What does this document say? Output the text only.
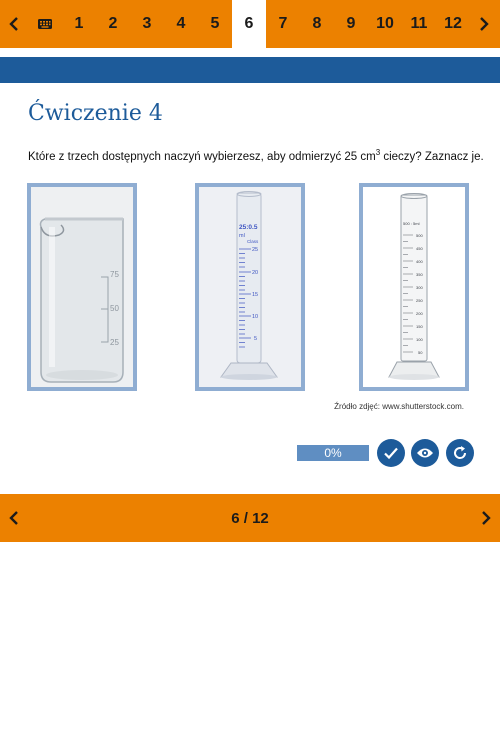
1	2	3	4	5	6	7	8	9	10	11	12
Ćwiczenie 4
Które z trzech dostępnych naczyń wybierzesz, aby odmierzyć 25 $cm^3$ cieczy? Zaznacz je.
75
50
25
25:0.5
ml
Class
25
20
15
10
5
500 : 5ml
500
450
400
350
300
250
200
150
100
50
Źródło zdjęć: www.shutterstock.com.
0%
6 / 12
